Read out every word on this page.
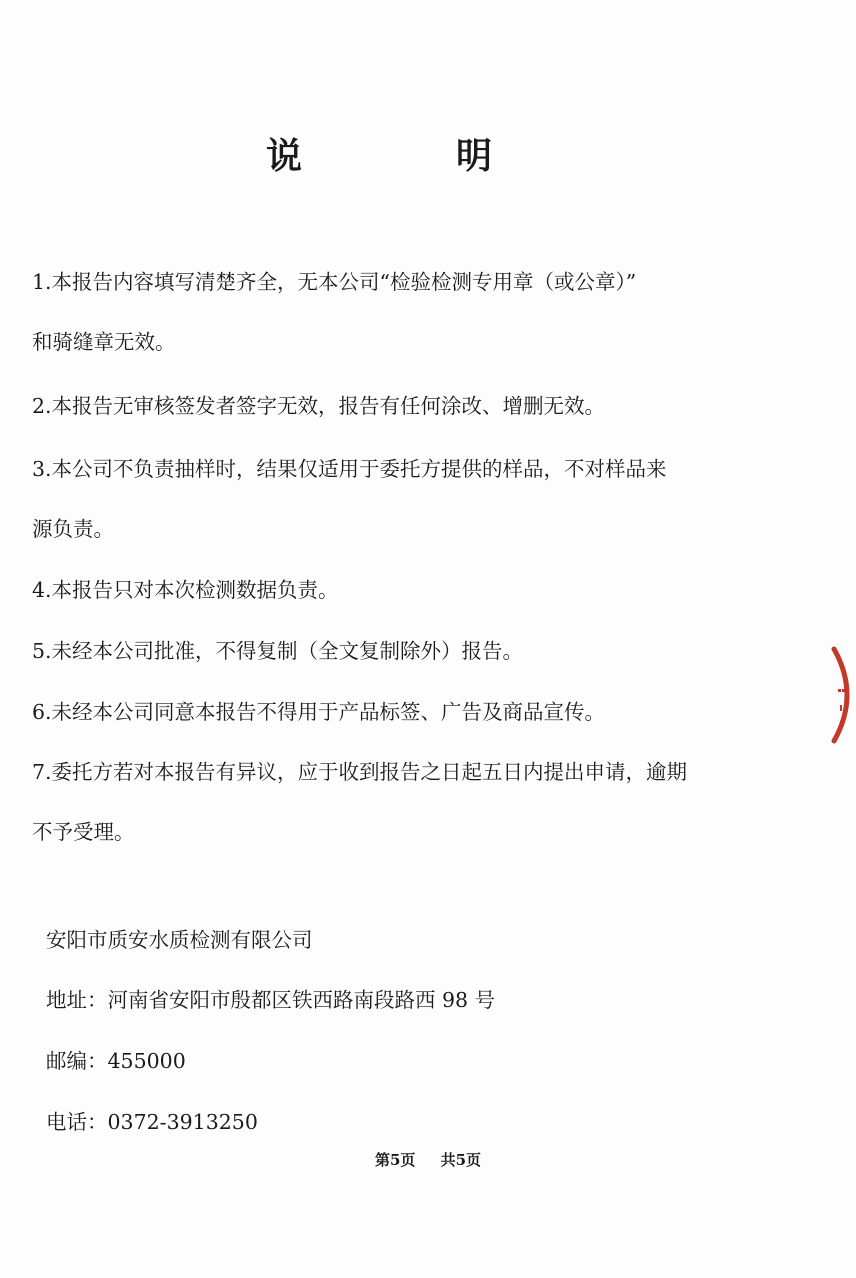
说	明
1.本报告内容填写清楚齐全，无本公司“检验检测专用章（或公章）”
和骑缝章无效。
2.本报告无审核签发者签字无效，报告有任何涂改、增删无效。
3.本公司不负责抽样时，结果仅适用于委托方提供的样品，不对样品来
源负责。
4.本报告只对本次检测数据负责。
5.未经本公司批准，不得复制（全文复制除外）报告。
6.未经本公司同意本报告不得用于产品标签、广告及商品宣传。
7.委托方若对本报告有异议，应于收到报告之日起五日内提出申请，逾期
不予受理。
安阳市质安水质检测有限公司
地址：河南省安阳市殷都区铁西路南段路西 98 号
邮编：455000
电话：0372-3913250
第5页 共5页
